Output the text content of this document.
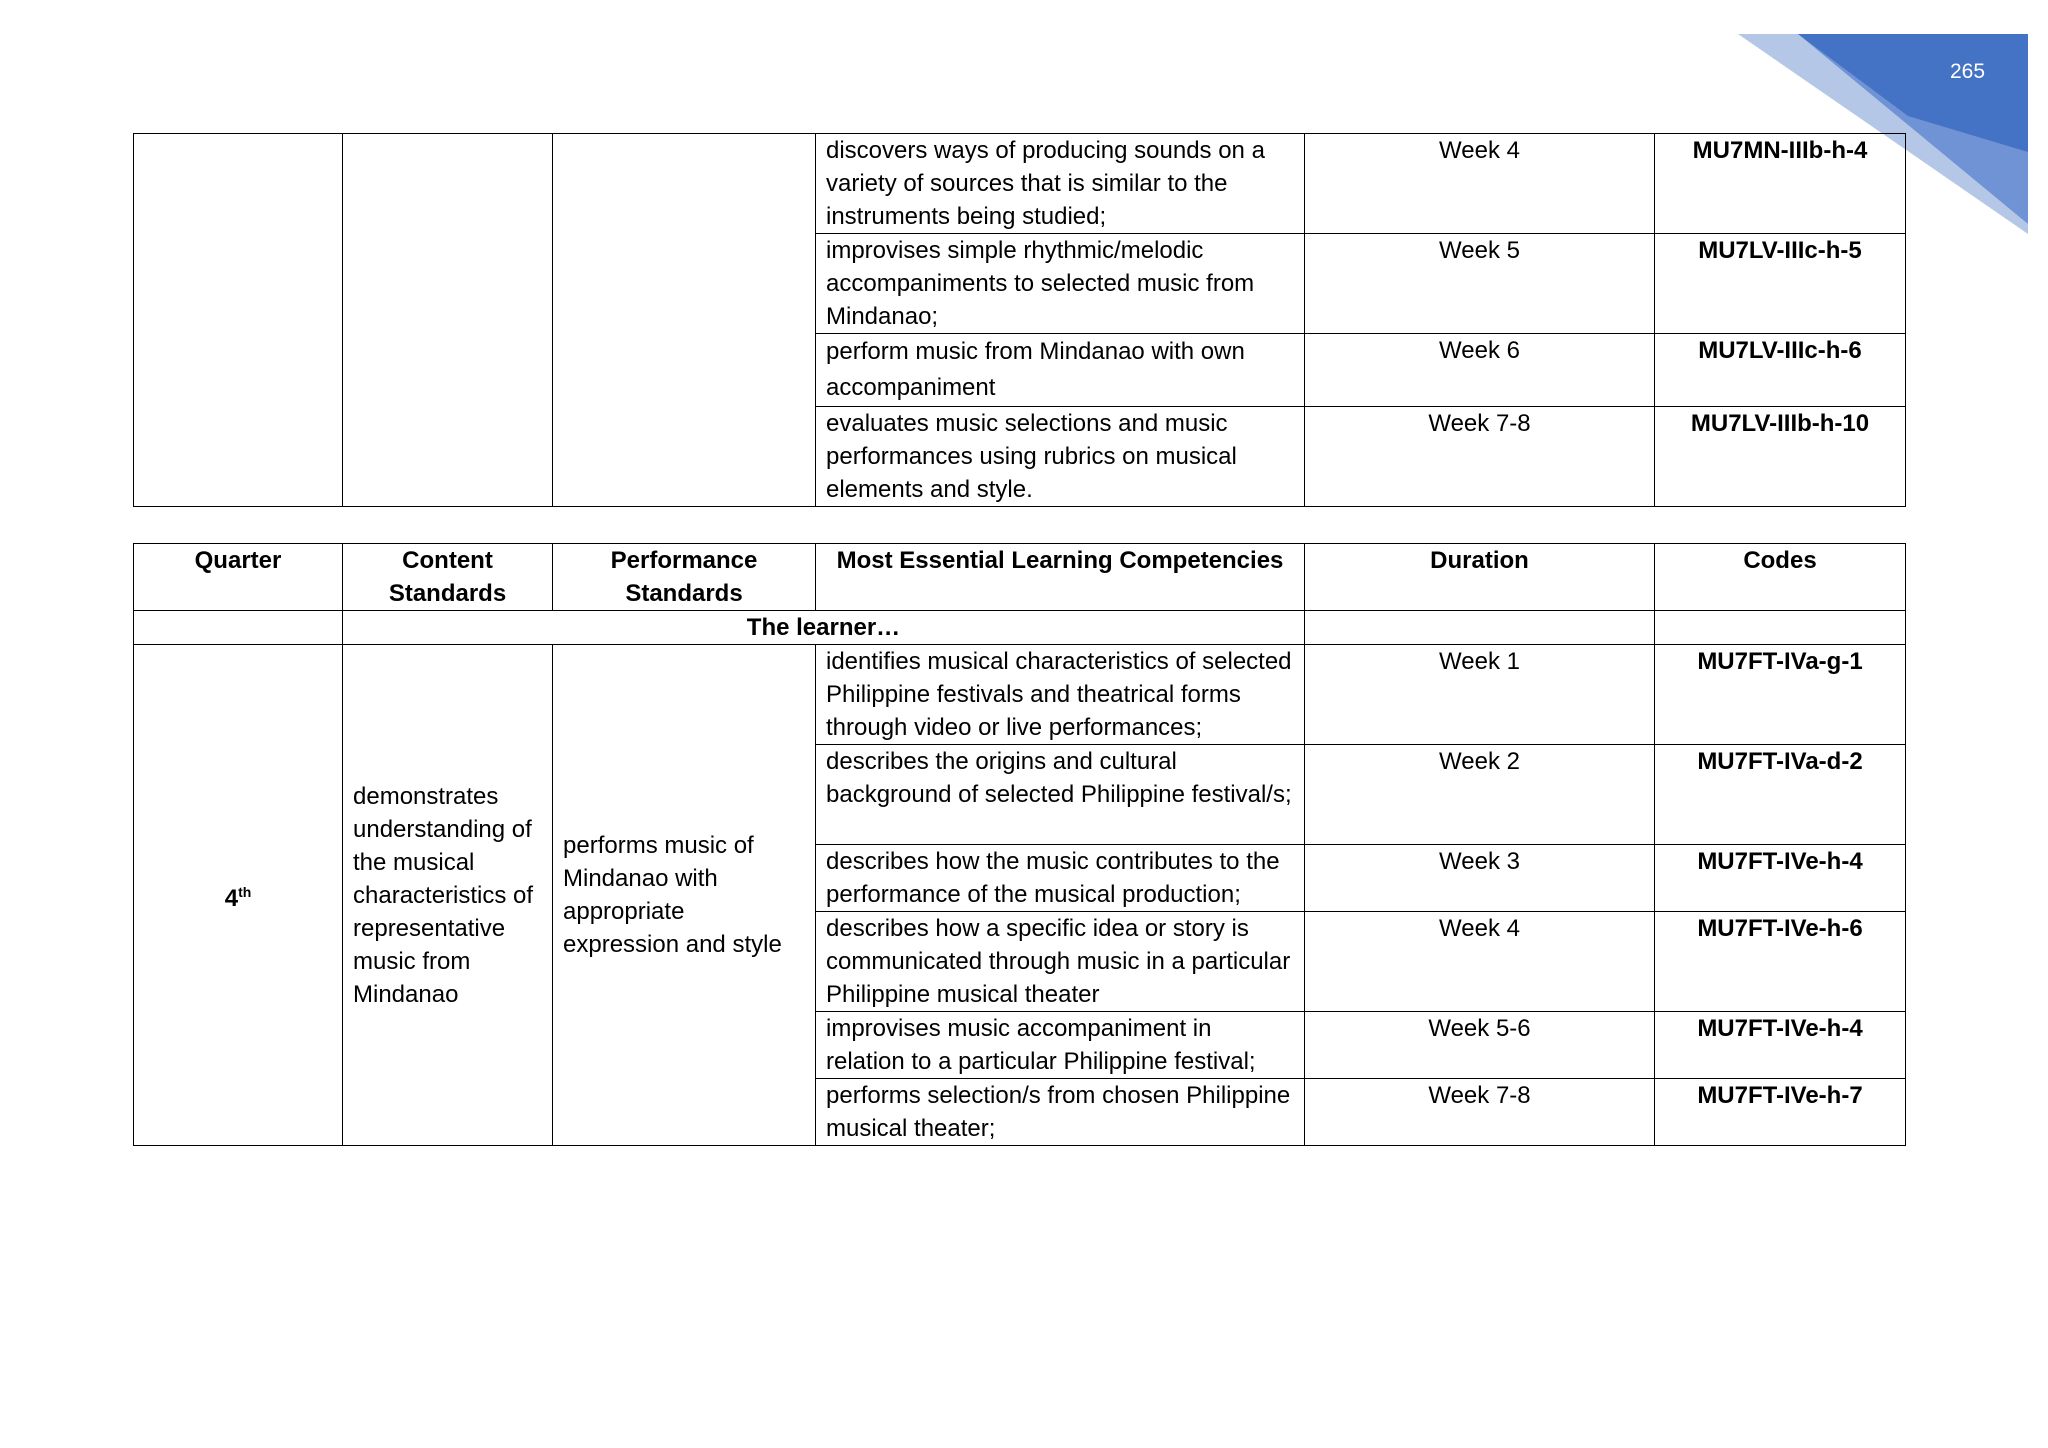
265
			discovers ways of producing sounds on a variety of sources that is similar to the instruments being studied;	Week 4	MU7MN-IIIb-h-4
			improvises simple rhythmic/melodic accompaniments to selected music from Mindanao;	Week 5	MU7LV-IIIc-h-5
			perform music from Mindanao with own accompaniment	Week 6	MU7LV-IIIc-h-6
			evaluates music selections and music performances using rubrics on musical elements and style.	Week 7-8	MU7LV-IIIb-h-10
Quarter	Content Standards	Performance Standards	Most Essential Learning Competencies	Duration	Codes
	The learner…				
4th	demonstrates understanding of the musical characteristics of representative music from Mindanao	performs music of Mindanao with appropriate expression and style	identifies musical characteristics of selected Philippine festivals and theatrical forms through video or live performances;	Week 1	MU7FT-IVa-g-1
			describes the origins and cultural background of selected Philippine festival/s;	Week 2	MU7FT-IVa-d-2
			describes how the music contributes to the performance of the musical production;	Week 3	MU7FT-IVe-h-4
			describes how a specific idea or story is communicated through music in a particular Philippine musical theater	Week 4	MU7FT-IVe-h-6
			improvises music accompaniment in relation to a particular Philippine festival;	Week 5-6	MU7FT-IVe-h-4
			performs selection/s from chosen Philippine musical theater;	Week 7-8	MU7FT-IVe-h-7
